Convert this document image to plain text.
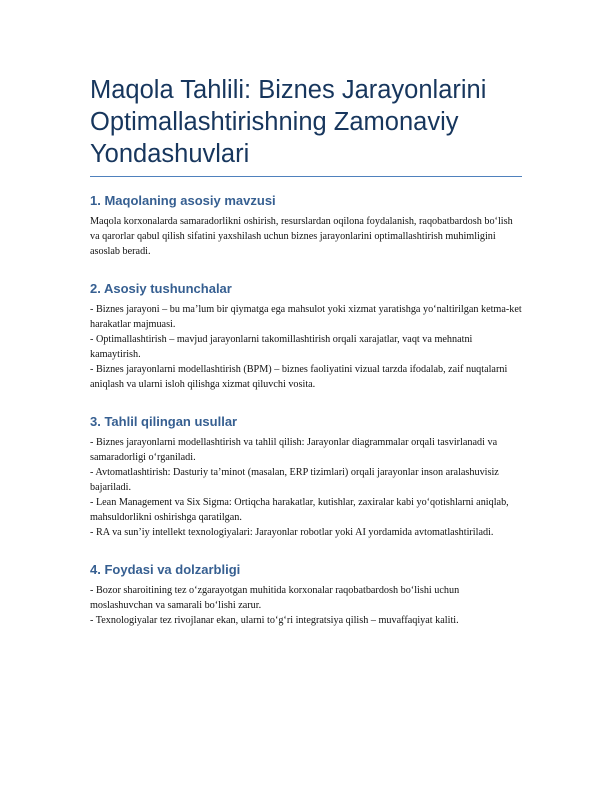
Maqola Tahlili: Biznes Jarayonlarini Optimallashtirishning Zamonaviy Yondashuvlari
1. Maqolaning asosiy mavzusi

Maqola korxonalarda samaradorlikni oshirish, resurslardan oqilona foydalanish, raqobatbardosh bo‘lish va qarorlar qabul qilish sifatini yaxshilash uchun biznes jarayonlarini optimallashtirish muhimligini asoslab beradi.

2. Asosiy tushunchalar

- Biznes jarayoni – bu ma’lum bir qiymatga ega mahsulot yoki xizmat yaratishga yo‘naltirilgan ketma-ket harakatlar majmuasi.
- Optimallashtirish – mavjud jarayonlarni takomillashtirish orqali xarajatlar, vaqt va mehnatni kamaytirish.
- Biznes jarayonlarni modellashtirish (BPM) – biznes faoliyatini vizual tarzda ifodalab, zaif nuqtalarni aniqlash va ularni isloh qilishga xizmat qiluvchi vosita.

3. Tahlil qilingan usullar

- Biznes jarayonlarni modellashtirish va tahlil qilish: Jarayonlar diagrammalar orqali tasvirlanadi va samaradorligi o‘rganiladi.
- Avtomatlashtirish: Dasturiy ta’minot (masalan, ERP tizimlari) orqali jarayonlar inson aralashuvisiz bajariladi.
- Lean Management va Six Sigma: Ortiqcha harakatlar, kutishlar, zaxiralar kabi yo‘qotishlarni aniqlab, mahsuldorlikni oshirishga qaratilgan.
- RA va sun’iy intellekt texnologiyalari: Jarayonlar robotlar yoki AI yordamida avtomatlashtiriladi.

4. Foydasi va dolzarbligi

- Bozor sharoitining tez o‘zgarayotgan muhitida korxonalar raqobatbardosh bo‘lishi uchun moslashuvchan va samarali bo‘lishi zarur.
- Texnologiyalar tez rivojlanar ekan, ularni to‘g‘ri integratsiya qilish – muvaffaqiyat kaliti.
